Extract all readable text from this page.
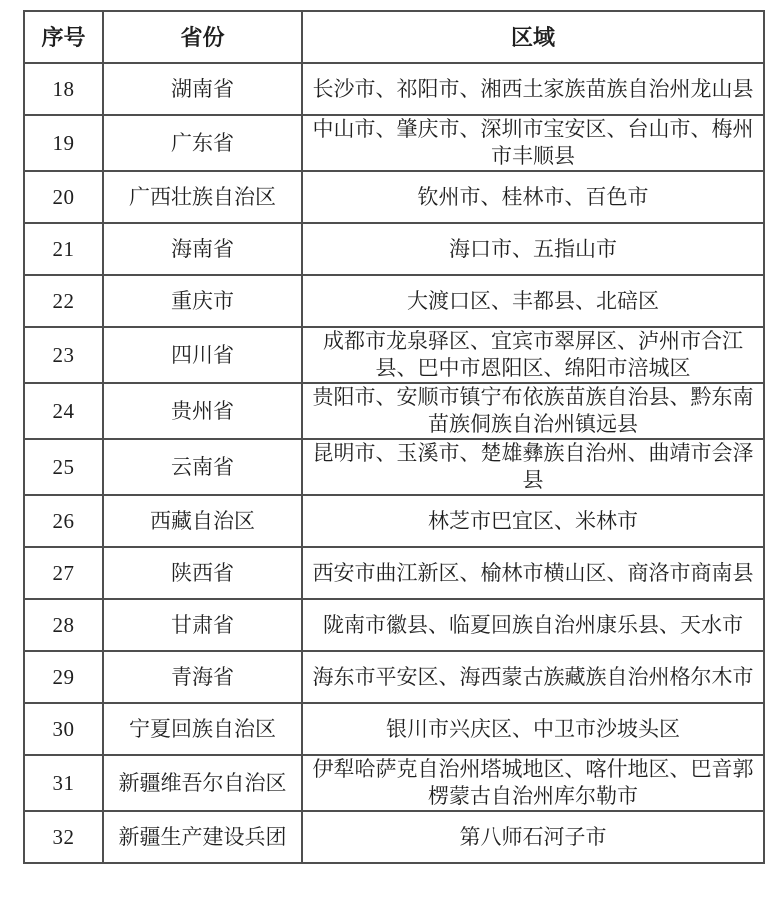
序号	省份	区域
18	湖南省	长沙市、祁阳市、湘西土家族苗族自治州龙山县
19	广东省	中山市、肇庆市、深圳市宝安区、台山市、梅州市丰顺县
20	广西壮族自治区	钦州市、桂林市、百色市
21	海南省	海口市、五指山市
22	重庆市	大渡口区、丰都县、北碚区
23	四川省	成都市龙泉驿区、宜宾市翠屏区、泸州市合江县、巴中市恩阳区、绵阳市涪城区
24	贵州省	贵阳市、安顺市镇宁布依族苗族自治县、黔东南苗族侗族自治州镇远县
25	云南省	昆明市、玉溪市、楚雄彝族自治州、曲靖市会泽县
26	西藏自治区	林芝市巴宜区、米林市
27	陕西省	西安市曲江新区、榆林市横山区、商洛市商南县
28	甘肃省	陇南市徽县、临夏回族自治州康乐县、天水市
29	青海省	海东市平安区、海西蒙古族藏族自治州格尔木市
30	宁夏回族自治区	银川市兴庆区、中卫市沙坡头区
31	新疆维吾尔自治区	伊犁哈萨克自治州塔城地区、喀什地区、巴音郭楞蒙古自治州库尔勒市
32	新疆生产建设兵团	第八师石河子市
